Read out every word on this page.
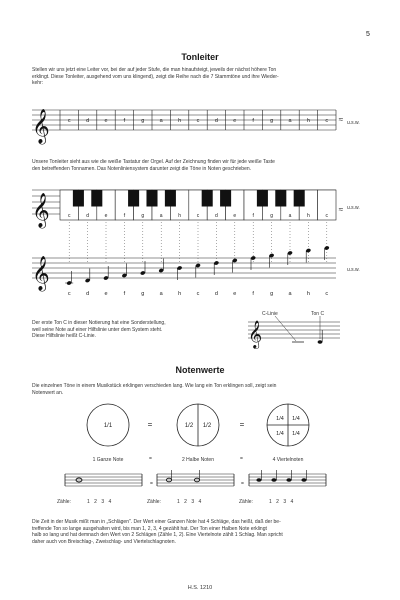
5
Tonleiter
Stellen wir uns jetzt eine Leiter vor, bei der auf jeder Stufe, die man hinaufsteigt, jeweils der nächst höhere Ton
erklingt. Diese Tonleiter, ausgehend vom uns klingend), zeigt die Reihe nach die 7 Stammtöne und ihre Wieder-
kehr:
𝄞	c	d	e	f	g	a	h	c	d	e	f	g	a	h	c ≈
𝄞	c	d	e	f	g	a	h	c	d	e	f	g	a	h	c
≈
𝄞
c	d	e	f	g	a	h	c	d	e	f	g	a	h	c
𝄞
1/1	1/2 1/2
1/4 1/4
1/4 1/4
=	=
u.s.w.
Unsere Tonleiter sieht aus wie die weiße Tastatur der Orgel. Auf der Zeichnung finden wir für jede weiße Taste
den betreffenden Tonnamen. Das Notenliniensystem darunter zeigt die Töne in Noten geschrieben.
u.s.w.
u.s.w.
Der erste Ton C in dieser Notierung hat eine Sonderstellung,
weil seine Note auf einer Hilfslinie unter dem System steht.
Diese Hilfslinie heißt C-Linie.
C-Linie	Ton C
Notenwerte
Die einzelnen Töne in einem Musikstück erklingen verschieden lang. Wie lang ein Ton erklingen soll, zeigt sein
Notenwert an.
1 Ganze Note	2 Halbe Noten	4 Viertelnoten
=	=
=	=
Zähle:	1 2 3 4	Zähle:	1 2 3 4	Zähle:	1 2 3 4
Die Zeit in der Musik mißt man in „Schlägen". Der Wert einer Ganzen Note hat 4 Schläge, das heißt, daß der be-
treffende Ton so lange ausgehalten wird, bis man 1, 2, 3, 4 gezählt hat. Der Ton einer Halben Note erklingt
halb so lang und hat demnach den Wert von 2 Schlägen (Zähle 1, 2). Eine Viertelnote zählt 1 Schlag. Man spricht
daher auch von Breischlag-, Zweischlag- und Viertelschlagnoten.
H.S. 1210
